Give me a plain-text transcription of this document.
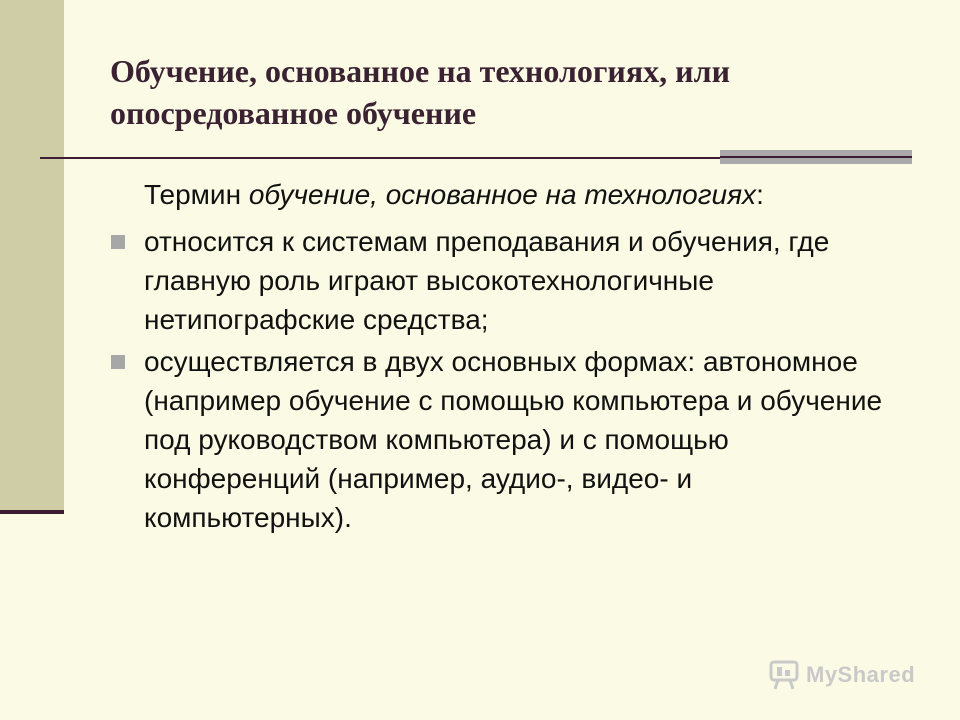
Обучение, основанное на технологиях, или опосредованное обучение

Термин обучение, основанное на технологиях:

относится к системам преподавания и обучения, где главную роль играют высокотехнологичные нетипографские средства;
осуществляется в двух основных формах: автономное (например обучение с помощью компьютера и обучение под руководством компьютера) и с помощью конференций (например, аудио-, видео- и компьютерных).
MyShared
